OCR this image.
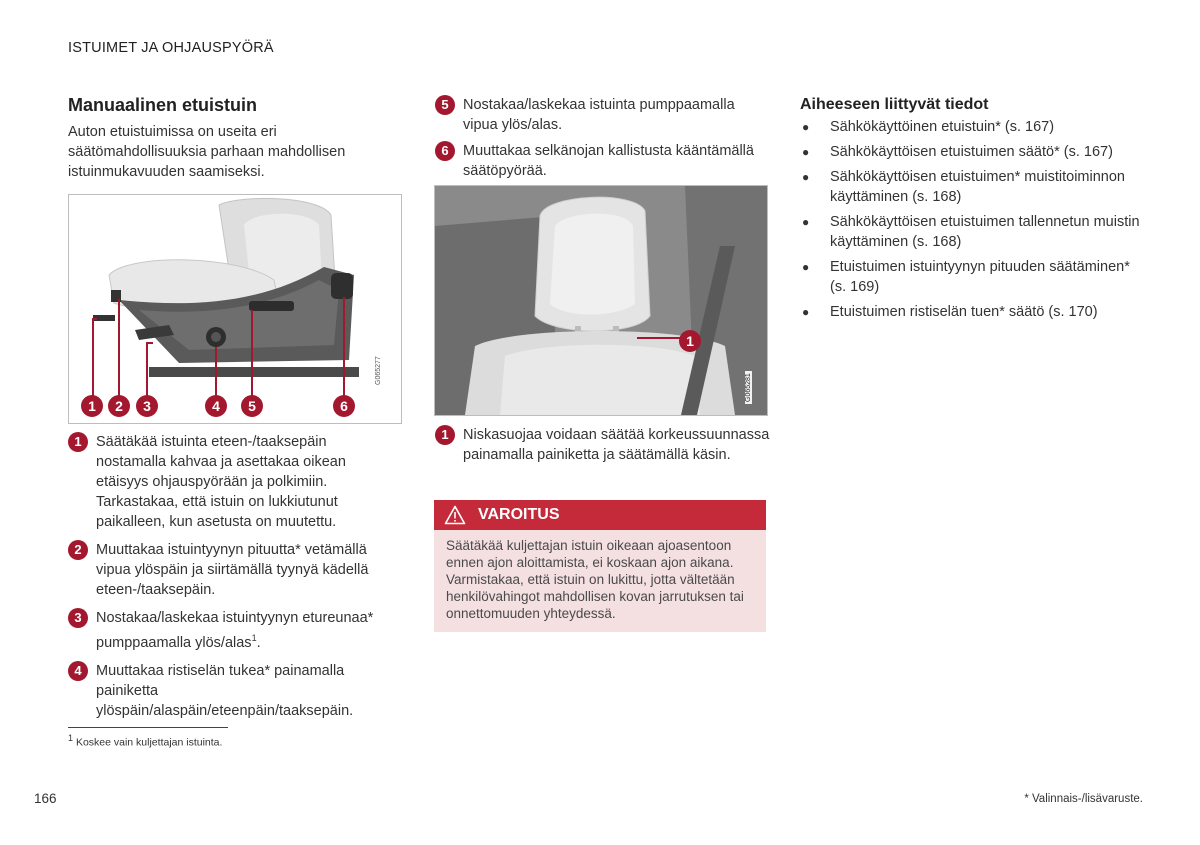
ISTUIMET JA OHJAUSPYÖRÄ
Manuaalinen etuistuin
Auton etuistuimissa on useita eri säätömahdollisuuksia parhaan mahdollisen istuinmukavuuden saamiseksi.
1	2	3	4	5	6
G065277
1 Säätäkää istuinta eteen-/taaksepäin nostamalla kahvaa ja asettakaa oikean etäisyys ohjauspyörään ja polkimiin. Tarkastakaa, että istuin on lukkiutunut paikalleen, kun asetusta on muutettu.
2 Muuttakaa istuintyynyn pituutta* vetämällä vipua ylöspäin ja siirtämällä tyynyä kädellä eteen-/taaksepäin.
3 Nostakaa/laskekaa istuintyynyn etureunaa* pumppaamalla ylös/alas$^1$.
4 Muuttakaa ristiselän tukea* painamalla painiketta ylöspäin/alaspäin/eteenpäin/taaksepäin.
5 Nostakaa/laskekaa istuinta pumppaamalla vipua ylös/alas.
6 Muuttakaa selkänojan kallistusta kääntämällä säätöpyörää.
1
G065281
1 Niskasuojaa voidaan säätää korkeussuunnassa painamalla painiketta ja säätämällä käsin.
VAROITUS
Säätäkää kuljettajan istuin oikeaan ajoasentoon ennen ajon aloittamista, ei koskaan ajon aikana. Varmistakaa, että istuin on lukittu, jotta vältetään henkilövahingot mahdollisen kovan jarrutuksen tai onnettomuuden yhteydessä.
Aiheeseen liittyvät tiedot
●	Sähkökäyttöinen etuistuin* (s. 167)
●	Sähkökäyttöisen etuistuimen säätö* (s. 167)
●	Sähkökäyttöisen etuistuimen* muistitoiminnon käyttäminen (s. 168)
●	Sähkökäyttöisen etuistuimen tallennetun muistin käyttäminen (s. 168)
●	Etuistuimen istuintyynyn pituuden säätäminen* (s. 169)
●	Etuistuimen ristiselän tuen* säätö (s. 170)
$^1$ Koskee vain kuljettajan istuinta.
166	* Valinnais-/lisävaruste.
